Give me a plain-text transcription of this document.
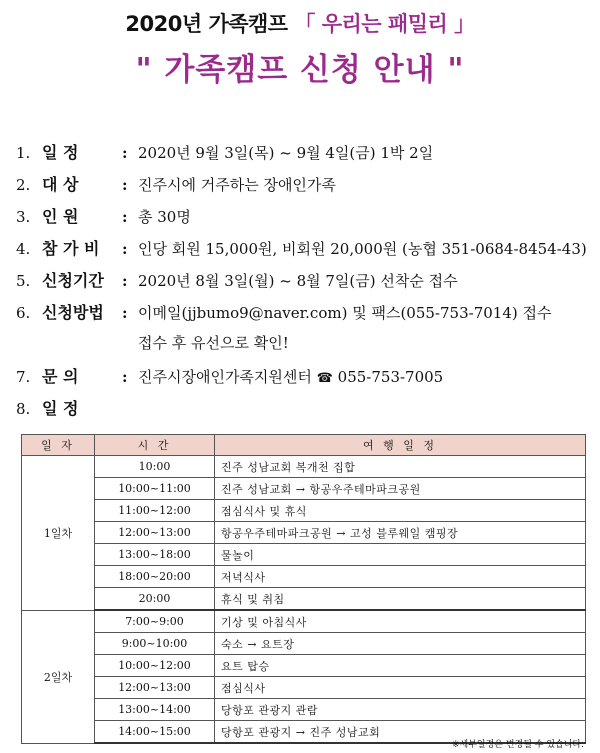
2020년 가족캠프 「 우리는 패밀리 」
" 가족캠프 신청 안내 "
1. 일 정	: 2020년 9월 3일(목) ~ 9월 4일(금) 1박 2일
2. 대 상	: 진주시에 거주하는 장애인가족
3. 인 원	: 총 30명
4. 참 가 비	: 인당 회원 15,000원, 비회원 20,000원 (농협 351-0684-8454-43)
5. 신청기간	: 2020년 8월 3일(월) ~ 8월 7일(금) 선착순 접수
6. 신청방법	: 이메일(jjbumo9@naver.com) 및 팩스(055-753-7014) 접수
접수 후 유선으로 확인!
7. 문 의	: 진주시장애인가족지원센터 ☎ 055-753-7005
8. 일 정
일 자	시 간	여 행 일 정
1일차	10:00	진주 성남교회 복개천 집합
	10:00~11:00	진주 성남교회 → 항공우주테마파크공원
	11:00~12:00	점심식사 및 휴식
	12:00~13:00	항공우주테마파크공원 → 고성 블루웨일 캠핑장
	13:00~18:00	물놀이
	18:00~20:00	저녁식사
	20:00	휴식 및 취침
2일차	7:00~9:00	기상 및 아침식사
	9:00~10:00	숙소 → 요트장
	10:00~12:00	요트 탑승
	12:00~13:00	점심식사
	13:00~14:00	당항포 관광지 관람
	14:00~15:00	당항포 관광지 → 진주 성남교회
※세부일정은 변경될 수 있습니다.
